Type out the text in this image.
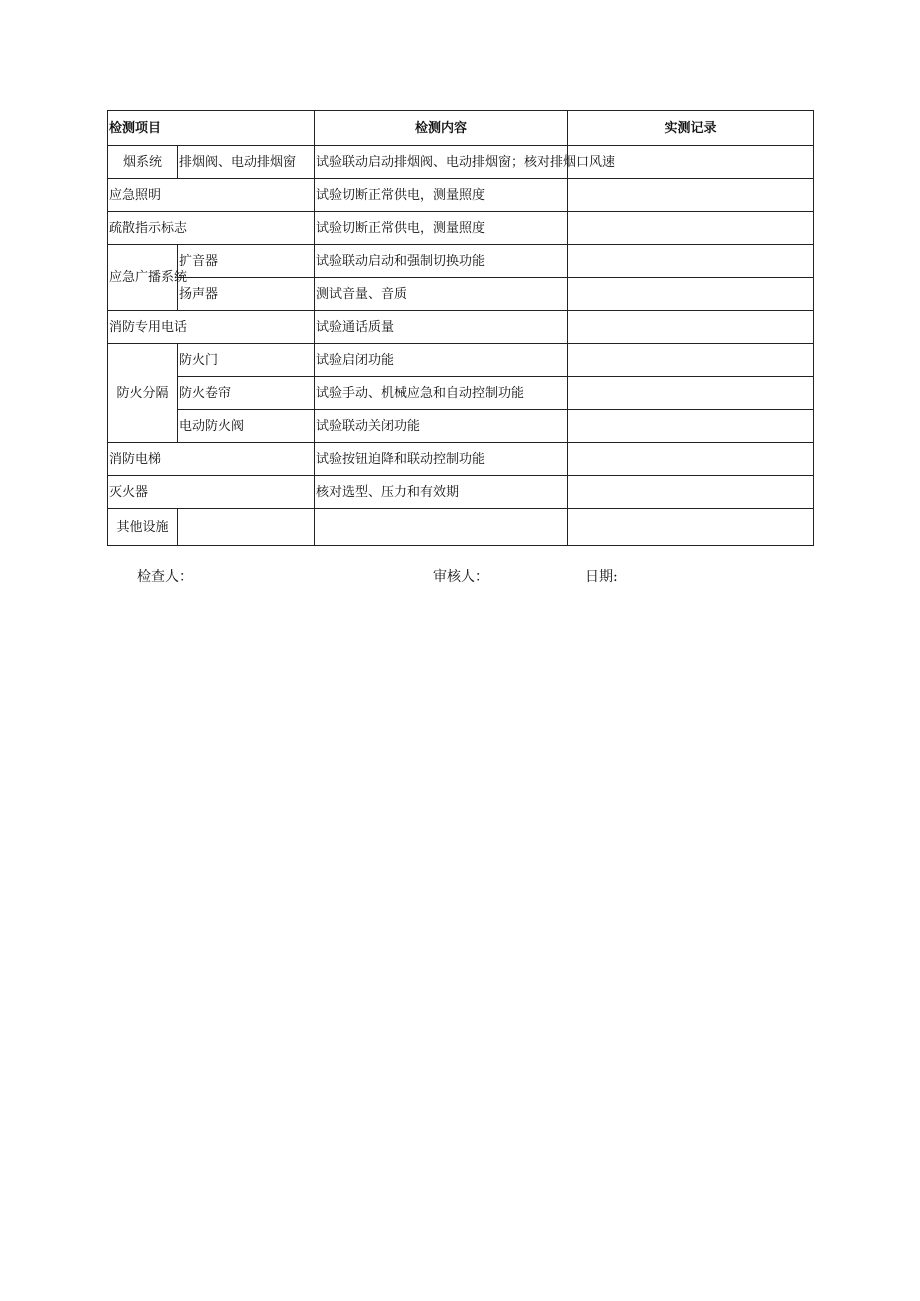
检测项目		检测内容	实测记录
烟系统	排烟阀、电动排烟窗	试验联动启动排烟阀、电动排烟窗；核对排烟口风速	
应急照明		试验切断正常供电，测量照度	
疏散指示标志		试验切断正常供电，测量照度	
应急广播系统	扩音器	试验联动启动和强制切换功能	
	扬声器	测试音量、音质	
消防专用电话		试验通话质量	
防火分隔	防火门	试验启闭功能	
	防火卷帘	试验手动、机械应急和自动控制功能	
	电动防火阀	试验联动关闭功能	
消防电梯		试验按钮迫降和联动控制功能	
灭火器		核对选型、压力和有效期	
其他设施			
检查人：	审核人：	日期:
